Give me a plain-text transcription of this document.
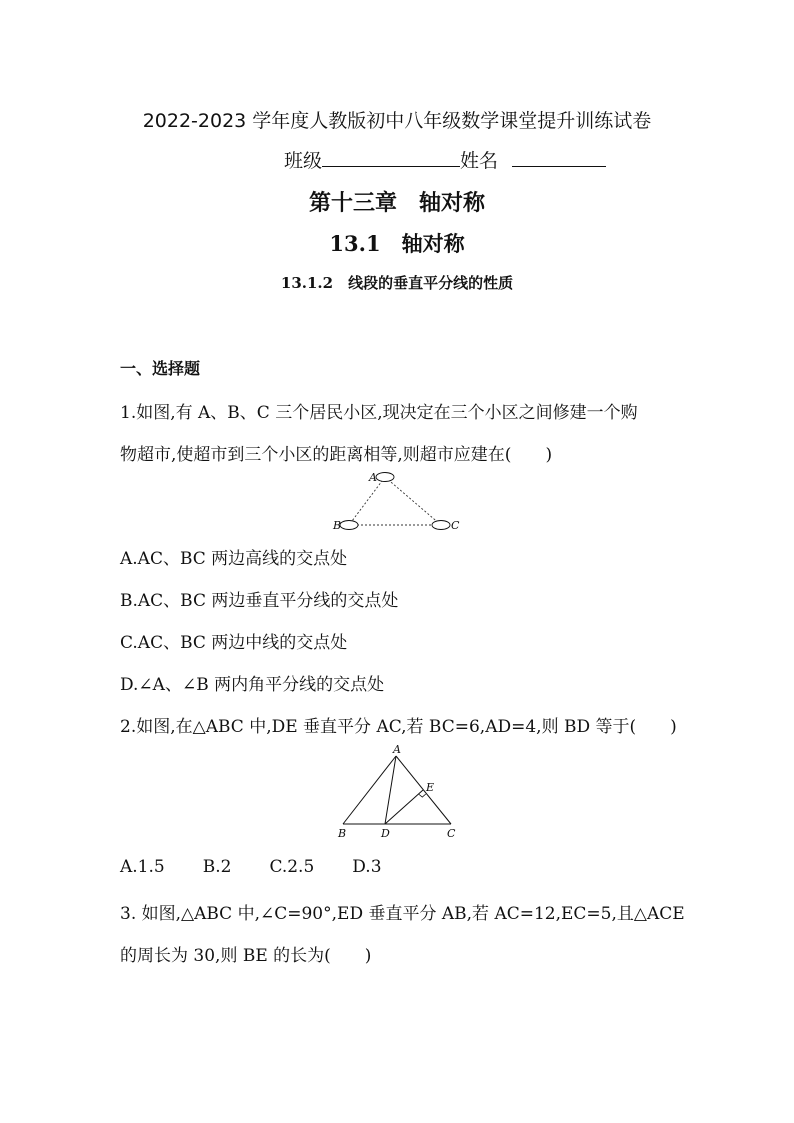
2022-2023 学年度人教版初中八年级数学课堂提升训练试卷
班级	姓名
第十三章　轴对称
13.1　轴对称
13.1.2　线段的垂直平分线的性质
一、选择题
1.如图,有 A、B、C 三个居民小区,现决定在三个小区之间修建一个购
物超市,使超市到三个小区的距离相等,则超市应建在(　　)
A
B	C
A.AC、BC 两边高线的交点处
B.AC、BC 两边垂直平分线的交点处
C.AC、BC 两边中线的交点处
D.∠A、∠B 两内角平分线的交点处
2.如图,在△ABC 中,DE 垂直平分 AC,若 BC=6,AD=4,则 BD 等于(　　)
A
E
B	D	C
A.1.5 B.2 C.2.5 D.3
3. 如图,△ABC 中,∠C=90°,ED 垂直平分 AB,若 AC=12,EC=5,且△ACE
的周长为 30,则 BE 的长为(　　)
